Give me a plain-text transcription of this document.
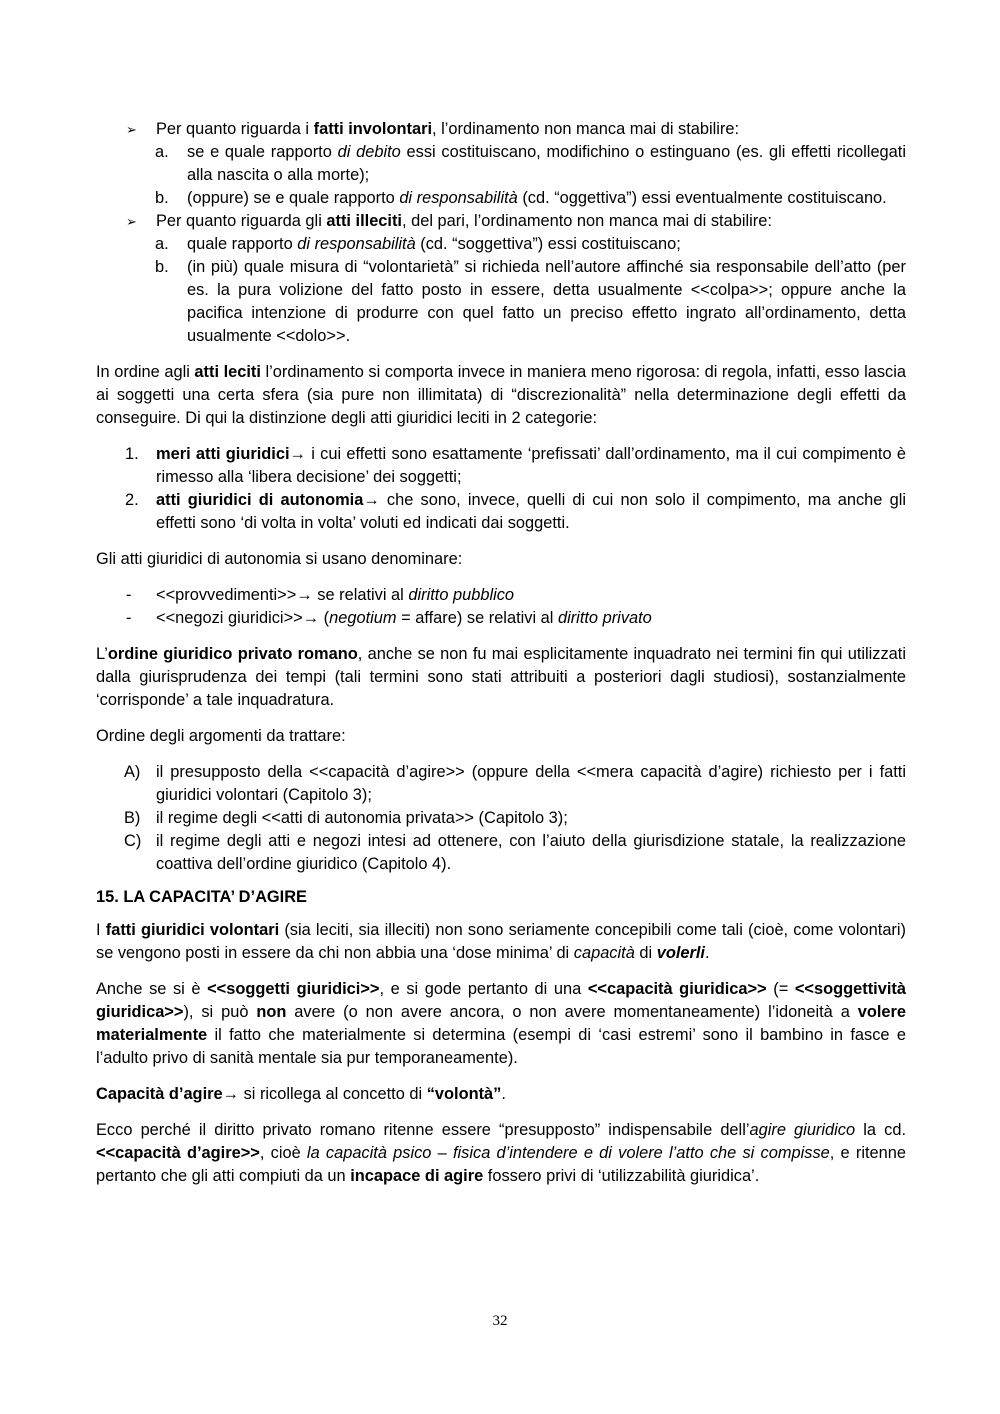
➢ Per quanto riguarda i fatti involontari, l’ordinamento non manca mai di stabilire:

a. se e quale rapporto di debito essi costituiscano, modifichino o estinguano (es. gli effetti ricollegati alla nascita o alla morte);

b. (oppure) se e quale rapporto di responsabilità (cd. “oggettiva”) essi eventualmente costituiscano.

➢ Per quanto riguarda gli atti illeciti, del pari, l’ordinamento non manca mai di stabilire:

a. quale rapporto di responsabilità (cd. “soggettiva”) essi costituiscano;

b. (in più) quale misura di “volontarietà” si richieda nell’autore affinché sia responsabile dell’atto (per es. la pura volizione del fatto posto in essere, detta usualmente <<colpa>>; oppure anche la pacifica intenzione di produrre con quel fatto un preciso effetto ingrato all’ordinamento, detta usualmente <<dolo>>.

In ordine agli atti leciti l’ordinamento si comporta invece in maniera meno rigorosa: di regola, infatti, esso lascia ai soggetti una certa sfera (sia pure non illimitata) di “discrezionalità” nella determinazione degli effetti da conseguire. Di qui la distinzione degli atti giuridici leciti in 2 categorie:

1. meri atti giuridici→ i cui effetti sono esattamente ‘prefissati’ dall’ordinamento, ma il cui compimento è rimesso alla ‘libera decisione’ dei soggetti;

2. atti giuridici di autonomia→ che sono, invece, quelli di cui non solo il compimento, ma anche gli effetti sono ‘di volta in volta’ voluti ed indicati dai soggetti.

Gli atti giuridici di autonomia si usano denominare:

- <<provvedimenti>>→ se relativi al diritto pubblico

- <<negozi giuridici>>→ (negotium = affare) se relativi al diritto privato

L’ordine giuridico privato romano, anche se non fu mai esplicitamente inquadrato nei termini fin qui utilizzati dalla giurisprudenza dei tempi (tali termini sono stati attribuiti a posteriori dagli studiosi), sostanzialmente ‘corrisponde’ a tale inquadratura.

Ordine degli argomenti da trattare:

A) il presupposto della <<capacità d’agire>> (oppure della <<mera capacità d’agire) richiesto per i fatti giuridici volontari (Capitolo 3);

B) il regime degli <<atti di autonomia privata>> (Capitolo 3);

C) il regime degli atti e negozi intesi ad ottenere, con l’aiuto della giurisdizione statale, la realizzazione coattiva dell’ordine giuridico (Capitolo 4).

15. LA CAPACITA’ D’AGIRE

I fatti giuridici volontari (sia leciti, sia illeciti) non sono seriamente concepibili come tali (cioè, come volontari) se vengono posti in essere da chi non abbia una ‘dose minima’ di capacità di volerli.

Anche se si è <<soggetti giuridici>>, e si gode pertanto di una <<capacità giuridica>> (= <<soggettività giuridica>>), si può non avere (o non avere ancora, o non avere momentaneamente) l’idoneità a volere materialmente il fatto che materialmente si determina (esempi di ‘casi estremi’ sono il bambino in fasce e l’adulto privo di sanità mentale sia pur temporaneamente).

Capacità d’agire→ si ricollega al concetto di “volontà”.

Ecco perché il diritto privato romano ritenne essere “presupposto” indispensabile dell’agire giuridico la cd. <<capacità d’agire>>, cioè la capacità psico – fisica d’intendere e di volere l’atto che si compisse, e ritenne pertanto che gli atti compiuti da un incapace di agire fossero privi di ‘utilizzabilità giuridica’.

32
